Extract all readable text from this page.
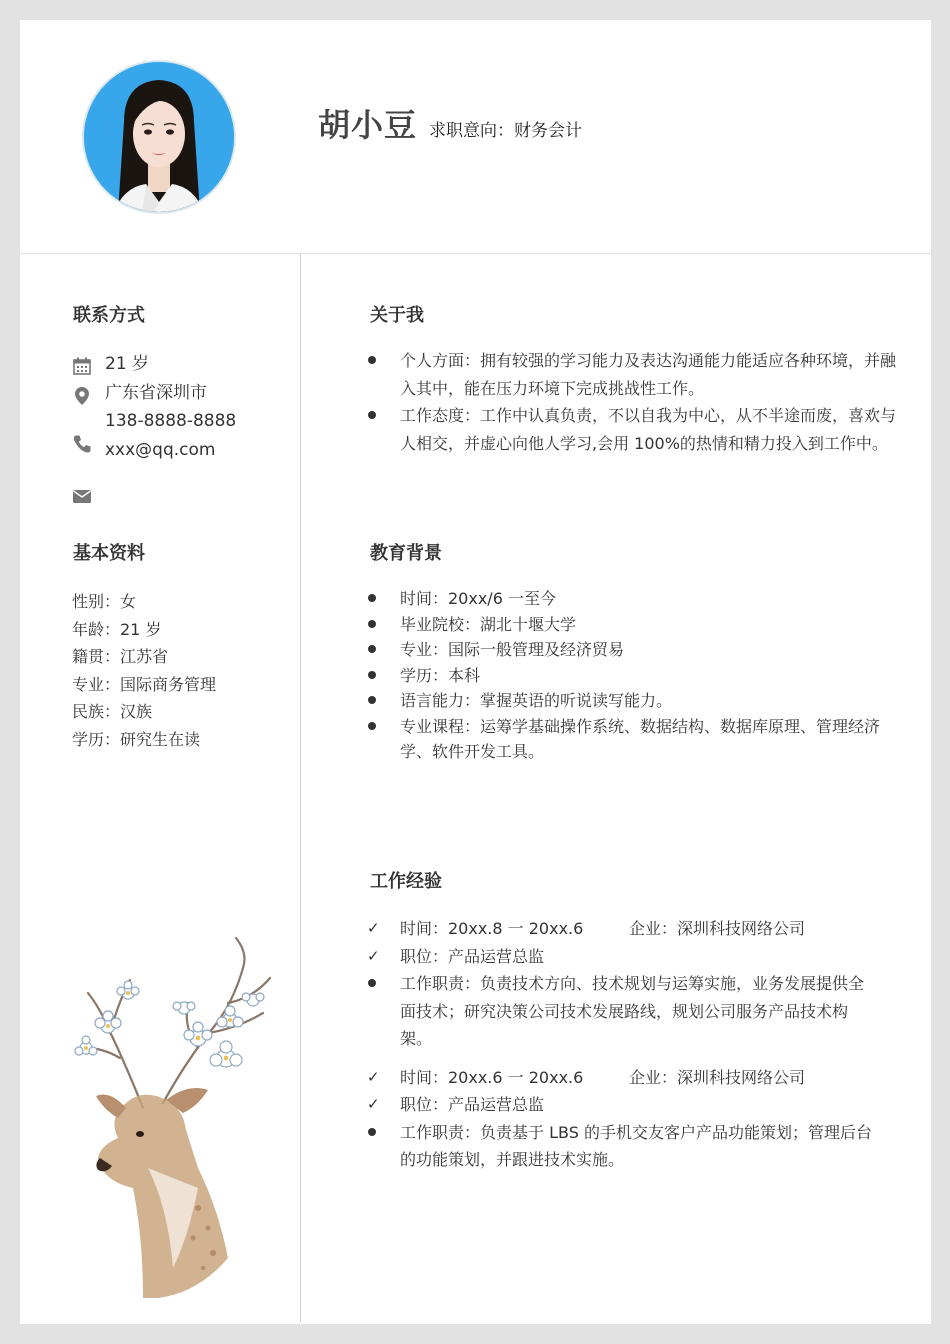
胡小豆 求职意向：财务会计
联系方式
21 岁
广东省深圳市
138-8888-8888
xxx@qq.com
基本资料
性别：女
年龄：21 岁
籍贯：江苏省
专业：国际商务管理
民族：汉族
学历：研究生在读
关于我
个人方面：拥有较强的学习能力及表达沟通能力能适应各种环境，并融入其中，能在压力环境下完成挑战性工作。
工作态度：工作中认真负责，不以自我为中心，从不半途而废，喜欢与人相交，并虚心向他人学习,会用 100%的热情和精力投入到工作中。
教育背景
时间：20xx/6 一至今
毕业院校：湖北十堰大学
专业：国际一般管理及经济贸易
学历：本科
语言能力：掌握英语的听说读写能力。
专业课程：运筹学基础操作系统、数据结构、数据库原理、管理经济学、软件开发工具。
工作经验
✓ 时间：20xx.8 一 20xx.6	企业：深圳科技网络公司
✓ 职位：产品运营总监
工作职责：负责技术方向、技术规划与运筹实施，业务发展提供全面技术；研究决策公司技术发展路线，规划公司服务产品技术构架。
✓ 时间：20xx.6 一 20xx.6	企业：深圳科技网络公司
✓ 职位：产品运营总监
工作职责：负责基于 LBS 的手机交友客户产品功能策划；管理后台的功能策划，并跟进技术实施。
